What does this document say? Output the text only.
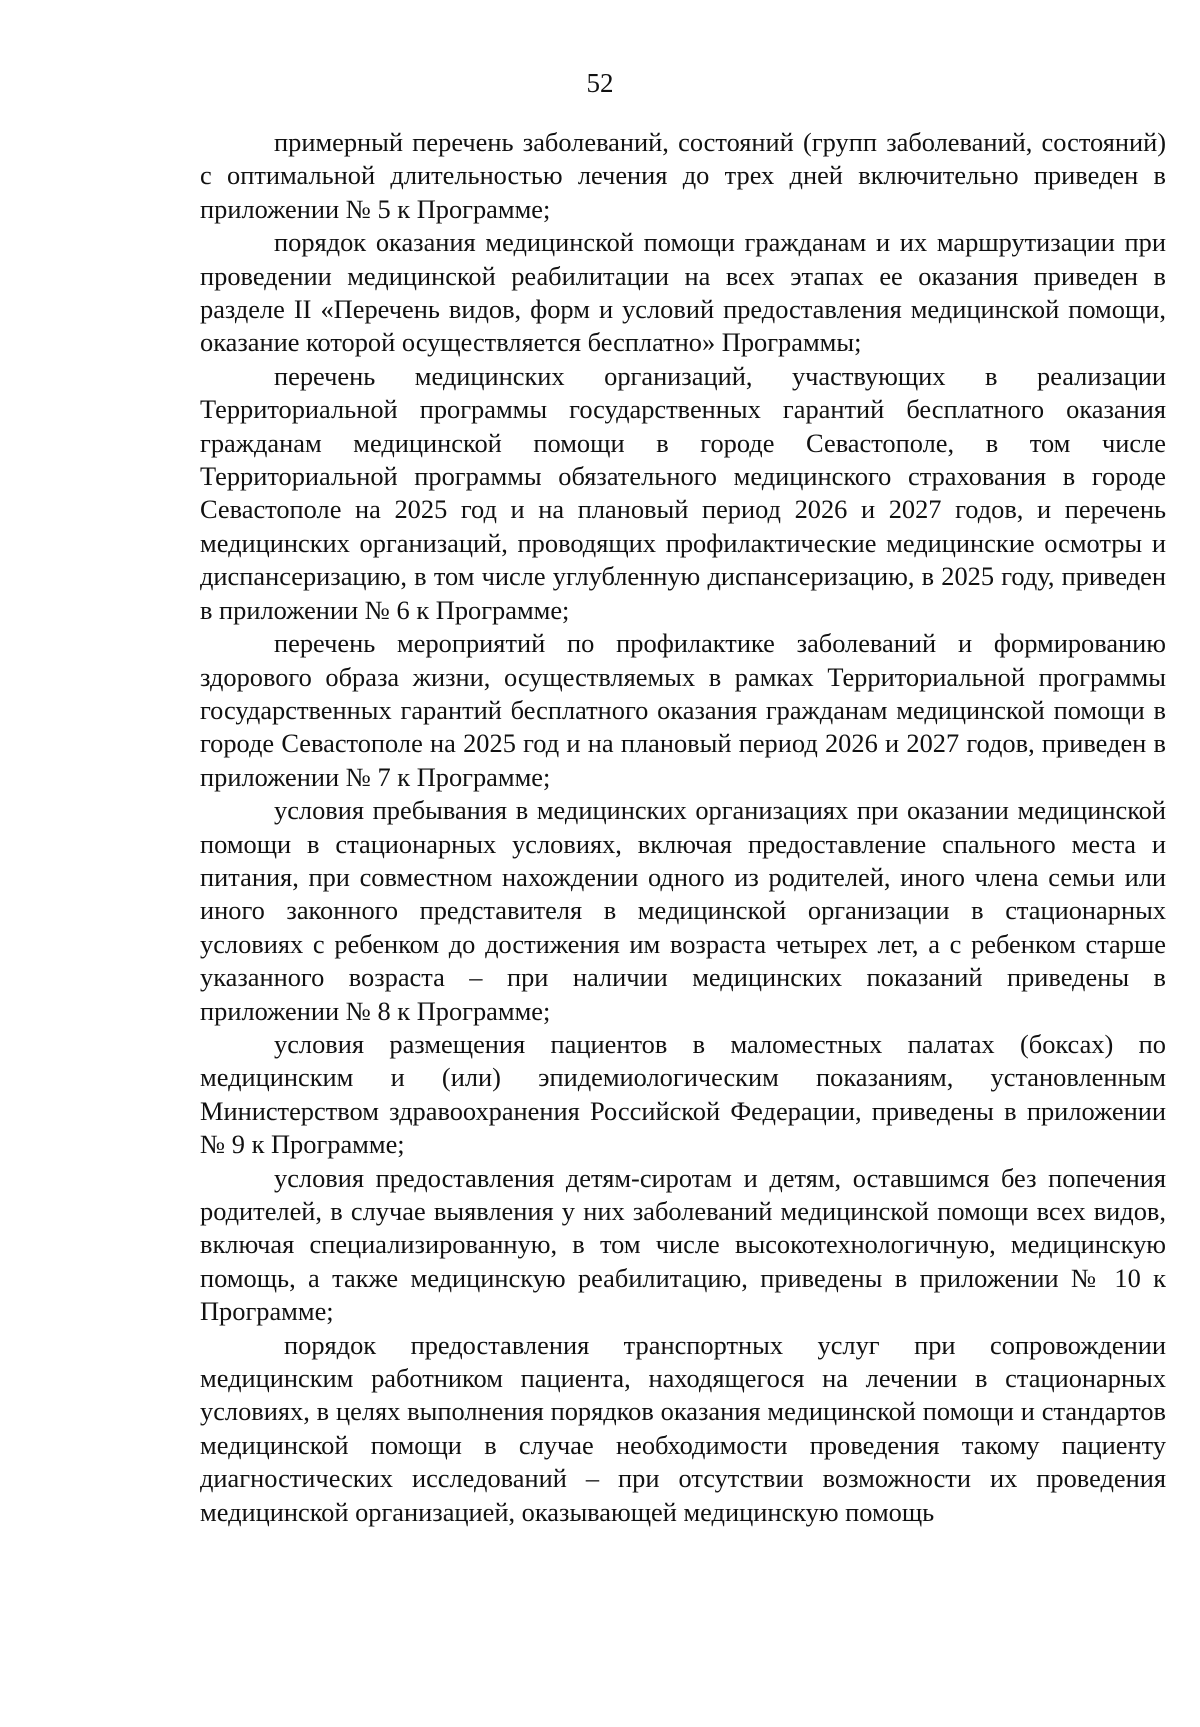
52

примерный перечень заболеваний, состояний (групп заболеваний, состояний) с оптимальной длительностью лечения до трех дней включительно приведен в приложении № 5 к Программе;

порядок оказания медицинской помощи гражданам и их маршрутизации при проведении медицинской реабилитации на всех этапах ее оказания приведен в разделе II «Перечень видов, форм и условий предоставления медицинской помощи, оказание которой осуществляется бесплатно» Программы;

перечень медицинских организаций, участвующих в реализации Территориальной программы государственных гарантий бесплатного оказания гражданам медицинской помощи в городе Севастополе, в том числе Территориальной программы обязательного медицинского страхования в городе Севастополе на 2025 год и на плановый период 2026 и 2027 годов, и перечень медицинских организаций, проводящих профилактические медицинские осмотры и диспансеризацию, в том числе углубленную диспансеризацию, в 2025 году, приведен в приложении № 6 к Программе;

перечень мероприятий по профилактике заболеваний и формированию здорового образа жизни, осуществляемых в рамках Территориальной программы государственных гарантий бесплатного оказания гражданам медицинской помощи в городе Севастополе на 2025 год и на плановый период 2026 и 2027 годов, приведен в приложении № 7 к Программе;

условия пребывания в медицинских организациях при оказании медицинской помощи в стационарных условиях, включая предоставление спального места и питания, при совместном нахождении одного из родителей, иного члена семьи или иного законного представителя в медицинской организации в стационарных условиях с ребенком до достижения им возраста четырех лет, а с ребенком старше указанного возраста – при наличии медицинских показаний приведены в приложении № 8 к Программе;

условия размещения пациентов в маломестных палатах (боксах) по медицинским и (или) эпидемиологическим показаниям, установленным Министерством здравоохранения Российской Федерации, приведены в приложении № 9 к Программе;

условия предоставления детям-сиротам и детям, оставшимся без попечения родителей, в случае выявления у них заболеваний медицинской помощи всех видов, включая специализированную, в том числе высокотехнологичную, медицинскую помощь, а также медицинскую реабилитацию, приведены в приложении № 10 к Программе;

порядок предоставления транспортных услуг при сопровождении медицинским работником пациента, находящегося на лечении в стационарных условиях, в целях выполнения порядков оказания медицинской помощи и стандартов медицинской помощи в случае необходимости проведения такому пациенту диагностических исследований – при отсутствии возможности их проведения медицинской организацией, оказывающей медицинскую помощь
